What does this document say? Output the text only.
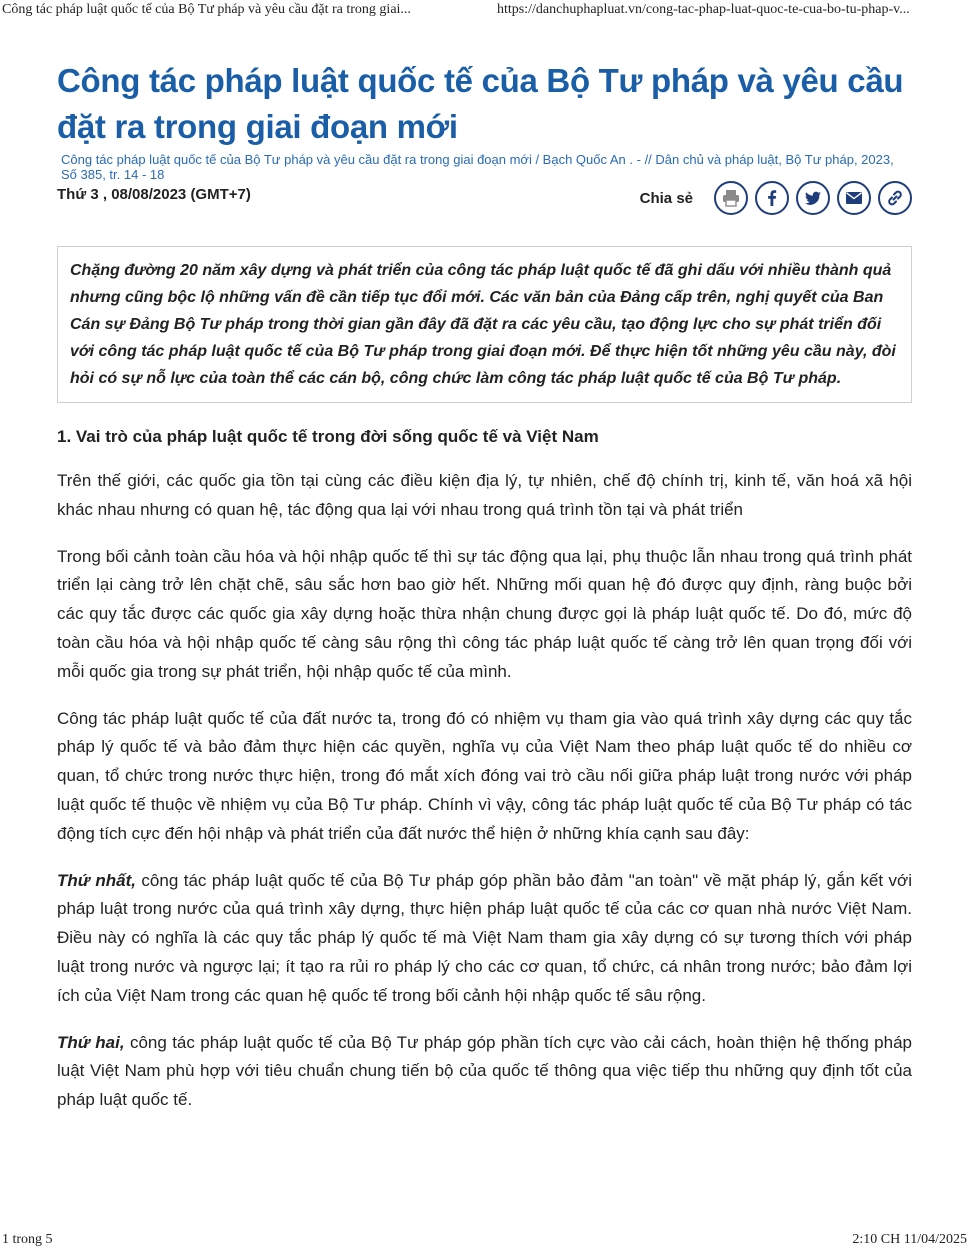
Công tác pháp luật quốc tế của Bộ Tư pháp và yêu cầu đặt ra trong giai...	https://danchuphapluat.vn/cong-tac-phap-luat-quoc-te-cua-bo-tu-phap-v...
Công tác pháp luật quốc tế của Bộ Tư pháp và yêu cầu đặt ra trong giai đoạn mới
Công tác pháp luật quốc tế của Bộ Tư pháp và yêu cầu đặt ra trong giai đoạn mới / Bạch Quốc An . - // Dân chủ và pháp luật, Bộ Tư pháp, 2023, Số 385, tr. 14 - 18
Thứ 3 , 08/08/2023 (GMT+7)	Chia sẻ
Chặng đường 20 năm xây dựng và phát triển của công tác pháp luật quốc tế đã ghi dấu với nhiều thành quả nhưng cũng bộc lộ những vấn đề cần tiếp tục đổi mới. Các văn bản của Đảng cấp trên, nghị quyết của Ban Cán sự Đảng Bộ Tư pháp trong thời gian gần đây đã đặt ra các yêu cầu, tạo động lực cho sự phát triển đối với công tác pháp luật quốc tế của Bộ Tư pháp trong giai đoạn mới. Để thực hiện tốt những yêu cầu này, đòi hỏi có sự nỗ lực của toàn thể các cán bộ, công chức làm công tác pháp luật quốc tế của Bộ Tư pháp.
1. Vai trò của pháp luật quốc tế trong đời sống quốc tế và Việt Nam

Trên thế giới, các quốc gia tồn tại cùng các điều kiện địa lý, tự nhiên, chế độ chính trị, kinh tế, văn hoá xã hội khác nhau nhưng có quan hệ, tác động qua lại với nhau trong quá trình tồn tại và phát triển

Trong bối cảnh toàn cầu hóa và hội nhập quốc tế thì sự tác động qua lại, phụ thuộc lẫn nhau trong quá trình phát triển lại càng trở lên chặt chẽ, sâu sắc hơn bao giờ hết. Những mối quan hệ đó được quy định, ràng buộc bởi các quy tắc được các quốc gia xây dựng hoặc thừa nhận chung được gọi là pháp luật quốc tế. Do đó, mức độ toàn cầu hóa và hội nhập quốc tế càng sâu rộng thì công tác pháp luật quốc tế càng trở lên quan trọng đối với mỗi quốc gia trong sự phát triển, hội nhập quốc tế của mình.

Công tác pháp luật quốc tế của đất nước ta, trong đó có nhiệm vụ tham gia vào quá trình xây dựng các quy tắc pháp lý quốc tế và bảo đảm thực hiện các quyền, nghĩa vụ của Việt Nam theo pháp luật quốc tế do nhiều cơ quan, tổ chức trong nước thực hiện, trong đó mắt xích đóng vai trò cầu nối giữa pháp luật trong nước với pháp luật quốc tế thuộc về nhiệm vụ của Bộ Tư pháp. Chính vì vậy, công tác pháp luật quốc tế của Bộ Tư pháp có tác động tích cực đến hội nhập và phát triển của đất nước thể hiện ở những khía cạnh sau đây:

Thứ nhất, công tác pháp luật quốc tế của Bộ Tư pháp góp phần bảo đảm "an toàn" về mặt pháp lý, gắn kết với pháp luật trong nước của quá trình xây dựng, thực hiện pháp luật quốc tế của các cơ quan nhà nước Việt Nam. Điều này có nghĩa là các quy tắc pháp lý quốc tế mà Việt Nam tham gia xây dựng có sự tương thích với pháp luật trong nước và ngược lại; ít tạo ra rủi ro pháp lý cho các cơ quan, tổ chức, cá nhân trong nước; bảo đảm lợi ích của Việt Nam trong các quan hệ quốc tế trong bối cảnh hội nhập quốc tế sâu rộng.

Thứ hai, công tác pháp luật quốc tế của Bộ Tư pháp góp phần tích cực vào cải cách, hoàn thiện hệ thống pháp luật Việt Nam phù hợp với tiêu chuẩn chung tiến bộ của quốc tế thông qua việc tiếp thu những quy định tốt của pháp luật quốc tế.

1 trong 5	2:10 CH 11/04/2025
